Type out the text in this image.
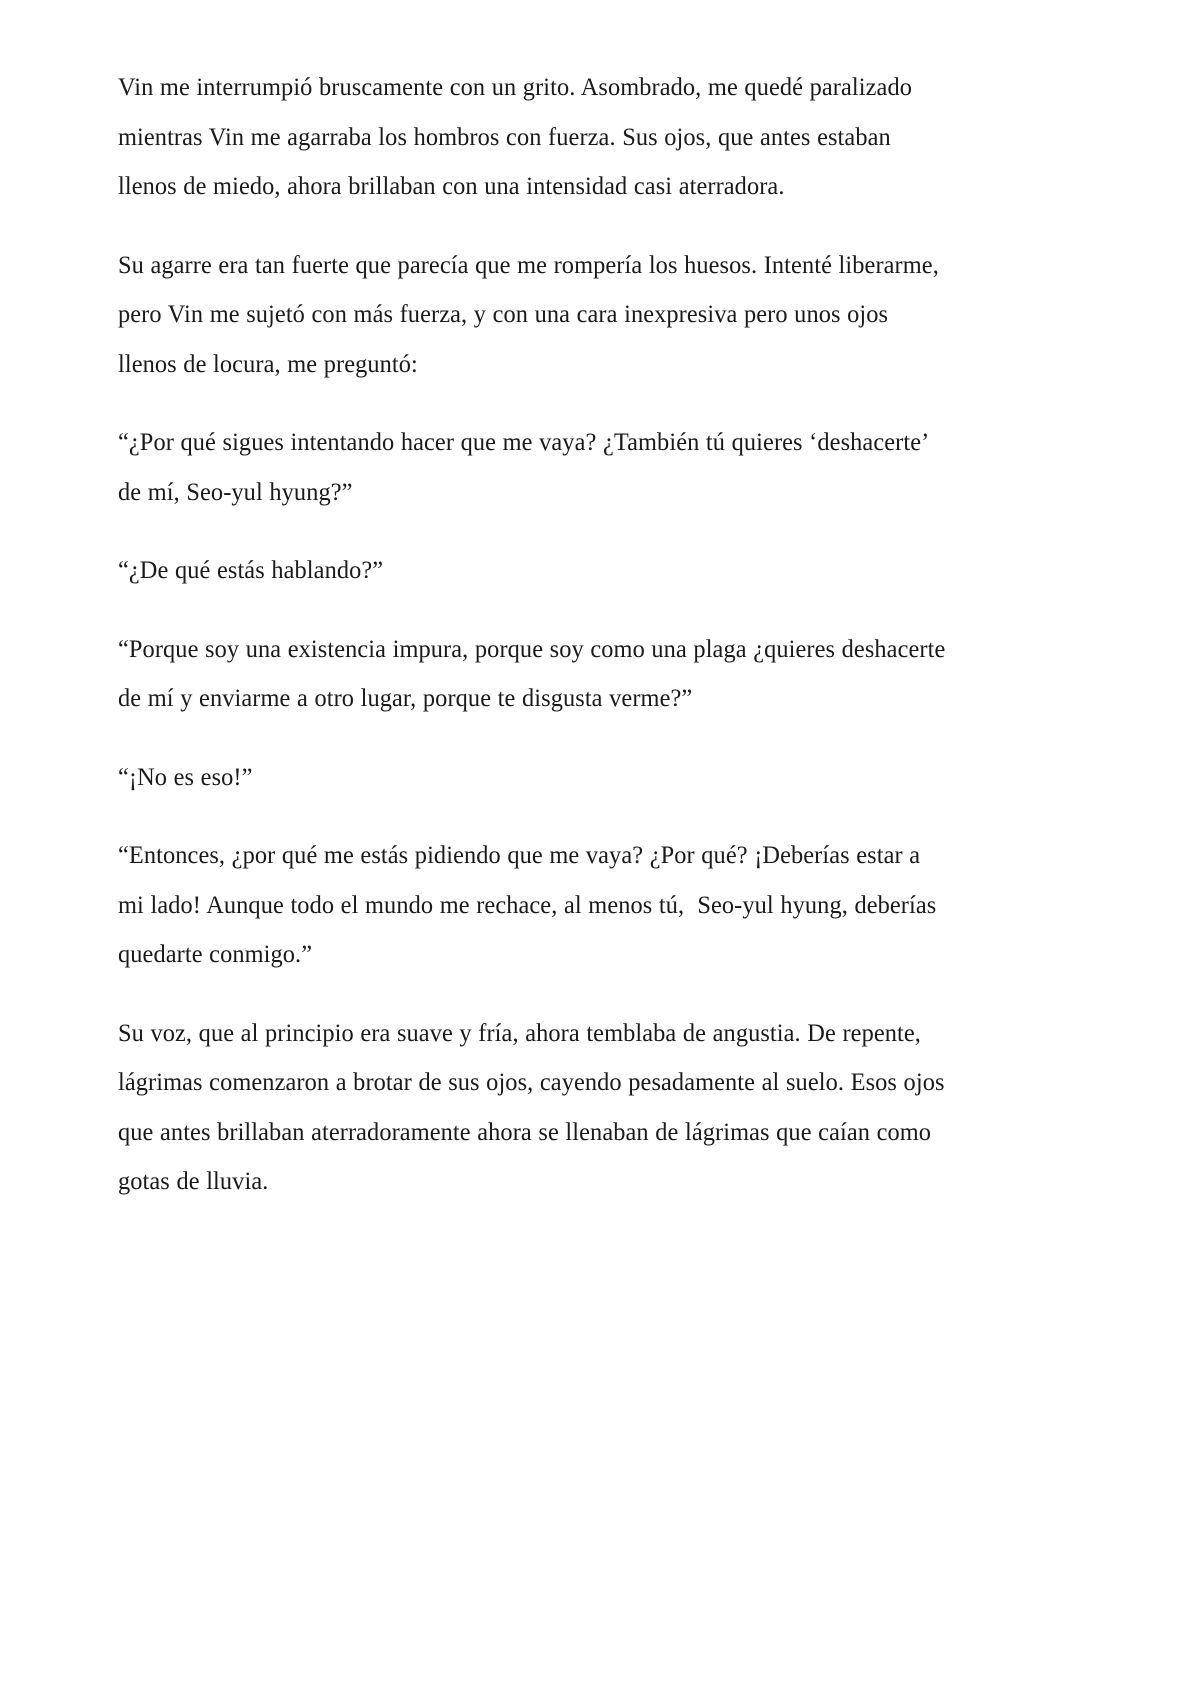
Vin me interrumpió bruscamente con un grito. Asombrado, me quedé paralizado mientras Vin me agarraba los hombros con fuerza. Sus ojos, que antes estaban llenos de miedo, ahora brillaban con una intensidad casi aterradora.

Su agarre era tan fuerte que parecía que me rompería los huesos. Intenté liberarme, pero Vin me sujetó con más fuerza, y con una cara inexpresiva pero unos ojos llenos de locura, me preguntó:

“¿Por qué sigues intentando hacer que me vaya? ¿También tú quieres ‘deshacerte’ de mí, Seo-yul hyung?”

“¿De qué estás hablando?”

“Porque soy una existencia impura, porque soy como una plaga ¿quieres deshacerte de mí y enviarme a otro lugar, porque te disgusta verme?”

“¡No es eso!”

“Entonces, ¿por qué me estás pidiendo que me vaya? ¿Por qué? ¡Deberías estar a mi lado! Aunque todo el mundo me rechace, al menos tú,  Seo-yul hyung, deberías quedarte conmigo.”

Su voz, que al principio era suave y fría, ahora temblaba de angustia. De repente, lágrimas comenzaron a brotar de sus ojos, cayendo pesadamente al suelo. Esos ojos que antes brillaban aterradoramente ahora se llenaban de lágrimas que caían como gotas de lluvia.
